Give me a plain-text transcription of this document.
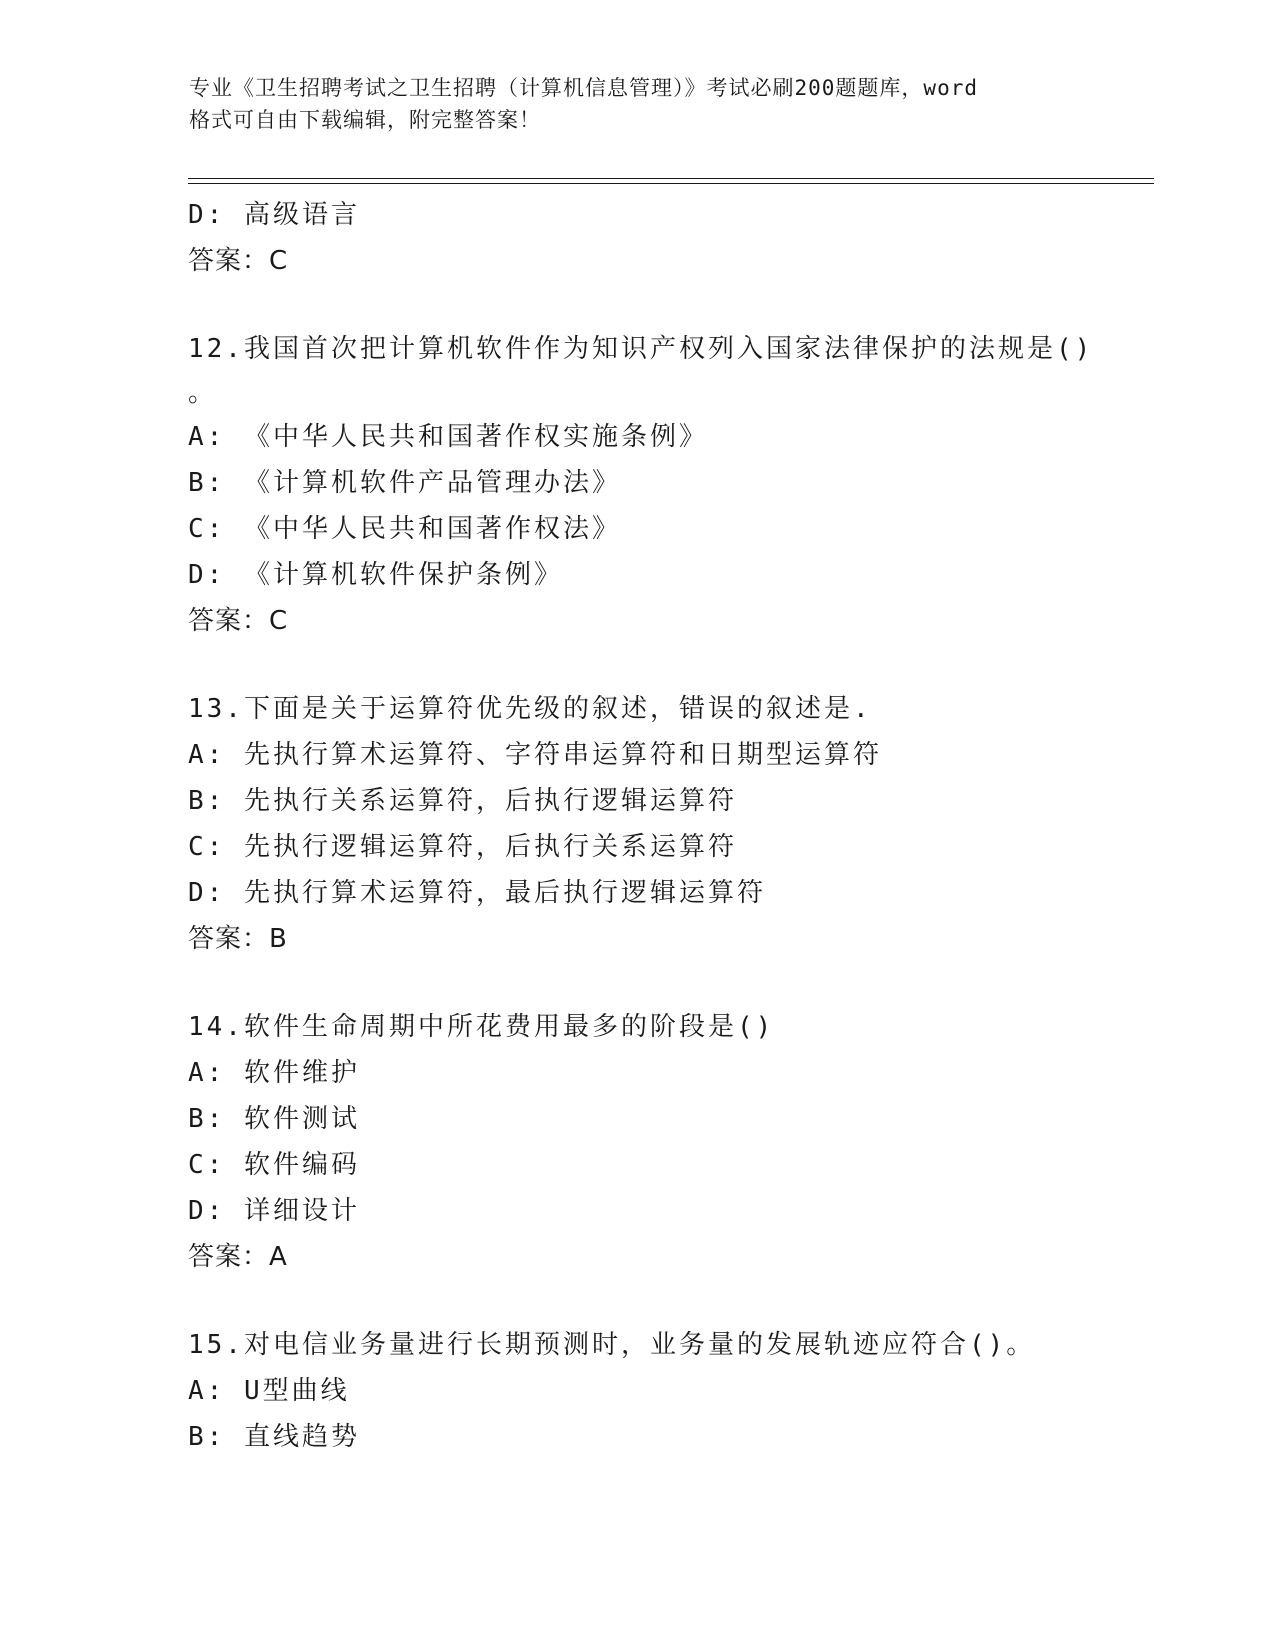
专业《卫生招聘考试之卫生招聘（计算机信息管理）》考试必刷200题题库，word
格式可自由下载编辑，附完整答案！
D: 高级语言
答案：C
12.我国首次把计算机软件作为知识产权列入国家法律保护的法规是()
。
A: 《中华人民共和国著作权实施条例》
B: 《计算机软件产品管理办法》
C: 《中华人民共和国著作权法》
D: 《计算机软件保护条例》
答案：C
13.下面是关于运算符优先级的叙述，错误的叙述是.
A: 先执行算术运算符、字符串运算符和日期型运算符
B: 先执行关系运算符，后执行逻辑运算符
C: 先执行逻辑运算符，后执行关系运算符
D: 先执行算术运算符，最后执行逻辑运算符
答案：B
14.软件生命周期中所花费用最多的阶段是()
A: 软件维护
B: 软件测试
C: 软件编码
D: 详细设计
答案：A
15.对电信业务量进行长期预测时，业务量的发展轨迹应符合()。
A: U型曲线
B: 直线趋势
